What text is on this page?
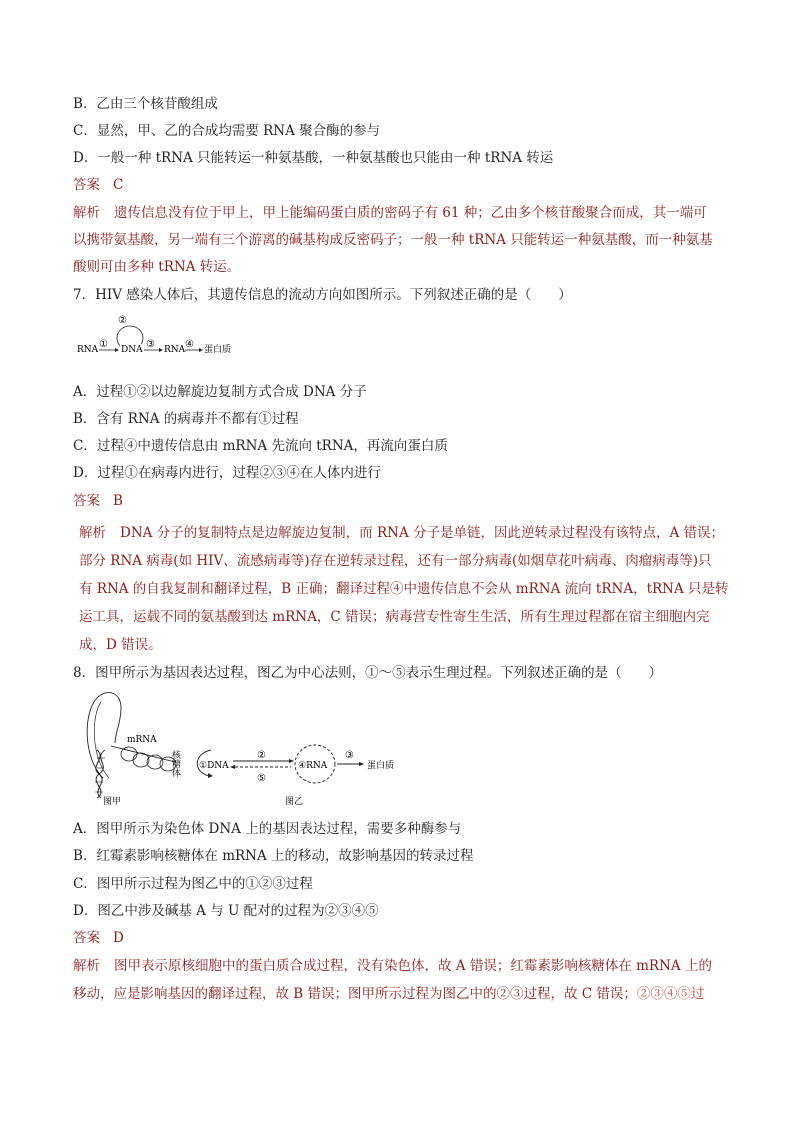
B．乙由三个核苷酸组成
C．显然，甲、乙的合成均需要 RNA 聚合酶的参与
D．一般一种 tRNA 只能转运一种氨基酸，一种氨基酸也只能由一种 tRNA 转运
答案 C
解析 遗传信息没有位于甲上，甲上能编码蛋白质的密码子有 61 种；乙由多个核苷酸聚合而成，其一端可
以携带氨基酸，另一端有三个游离的碱基构成反密码子；一般一种 tRNA 只能转运一种氨基酸，而一种氨基
酸则可由多种 tRNA 转运。
7．HIV 感染人体后，其遗传信息的流动方向如图所示。下列叙述正确的是（　　）
RNA ①
②
DNA ③ RNA ④ 蛋白质
A．过程①②以边解旋边复制方式合成 DNA 分子
B．含有 RNA 的病毒并不都有①过程
C．过程④中遗传信息由 mRNA 先流向 tRNA，再流向蛋白质
D．过程①在病毒内进行，过程②③④在人体内进行
答案 B
解析 DNA 分子的复制特点是边解旋边复制，而 RNA 分子是单链，因此逆转录过程没有该特点，A 错误；
部分 RNA 病毒(如 HIV、流感病毒等)存在逆转录过程，还有一部分病毒(如烟草花叶病毒、肉瘤病毒等)只
有 RNA 的自我复制和翻译过程，B 正确；翻译过程④中遗传信息不会从 mRNA 流向 tRNA，tRNA 只是转
运工具，运载不同的氨基酸到达 mRNA，C 错误；病毒营专性寄生生活，所有生理过程都在宿主细胞内完
成，D 错误。
8．图甲所示为基因表达过程，图乙为中心法则，①～⑤表示生理过程。下列叙述正确的是（　　）
mRNA
核糖体
图甲
①DNA
②
⑤
④RNA
③
蛋白质
图乙
A．图甲所示为染色体 DNA 上的基因表达过程，需要多种酶参与
B．红霉素影响核糖体在 mRNA 上的移动，故影响基因的转录过程
C．图甲所示过程为图乙中的①②③过程
D．图乙中涉及碱基 A 与 U 配对的过程为②③④⑤
答案 D
解析 图甲表示原核细胞中的蛋白质合成过程，没有染色体，故 A 错误；红霉素影响核糖体在 mRNA 上的
移动，应是影响基因的翻译过程，故 B 错误；图甲所示过程为图乙中的②③过程，故 C 错误；②③④⑤过
